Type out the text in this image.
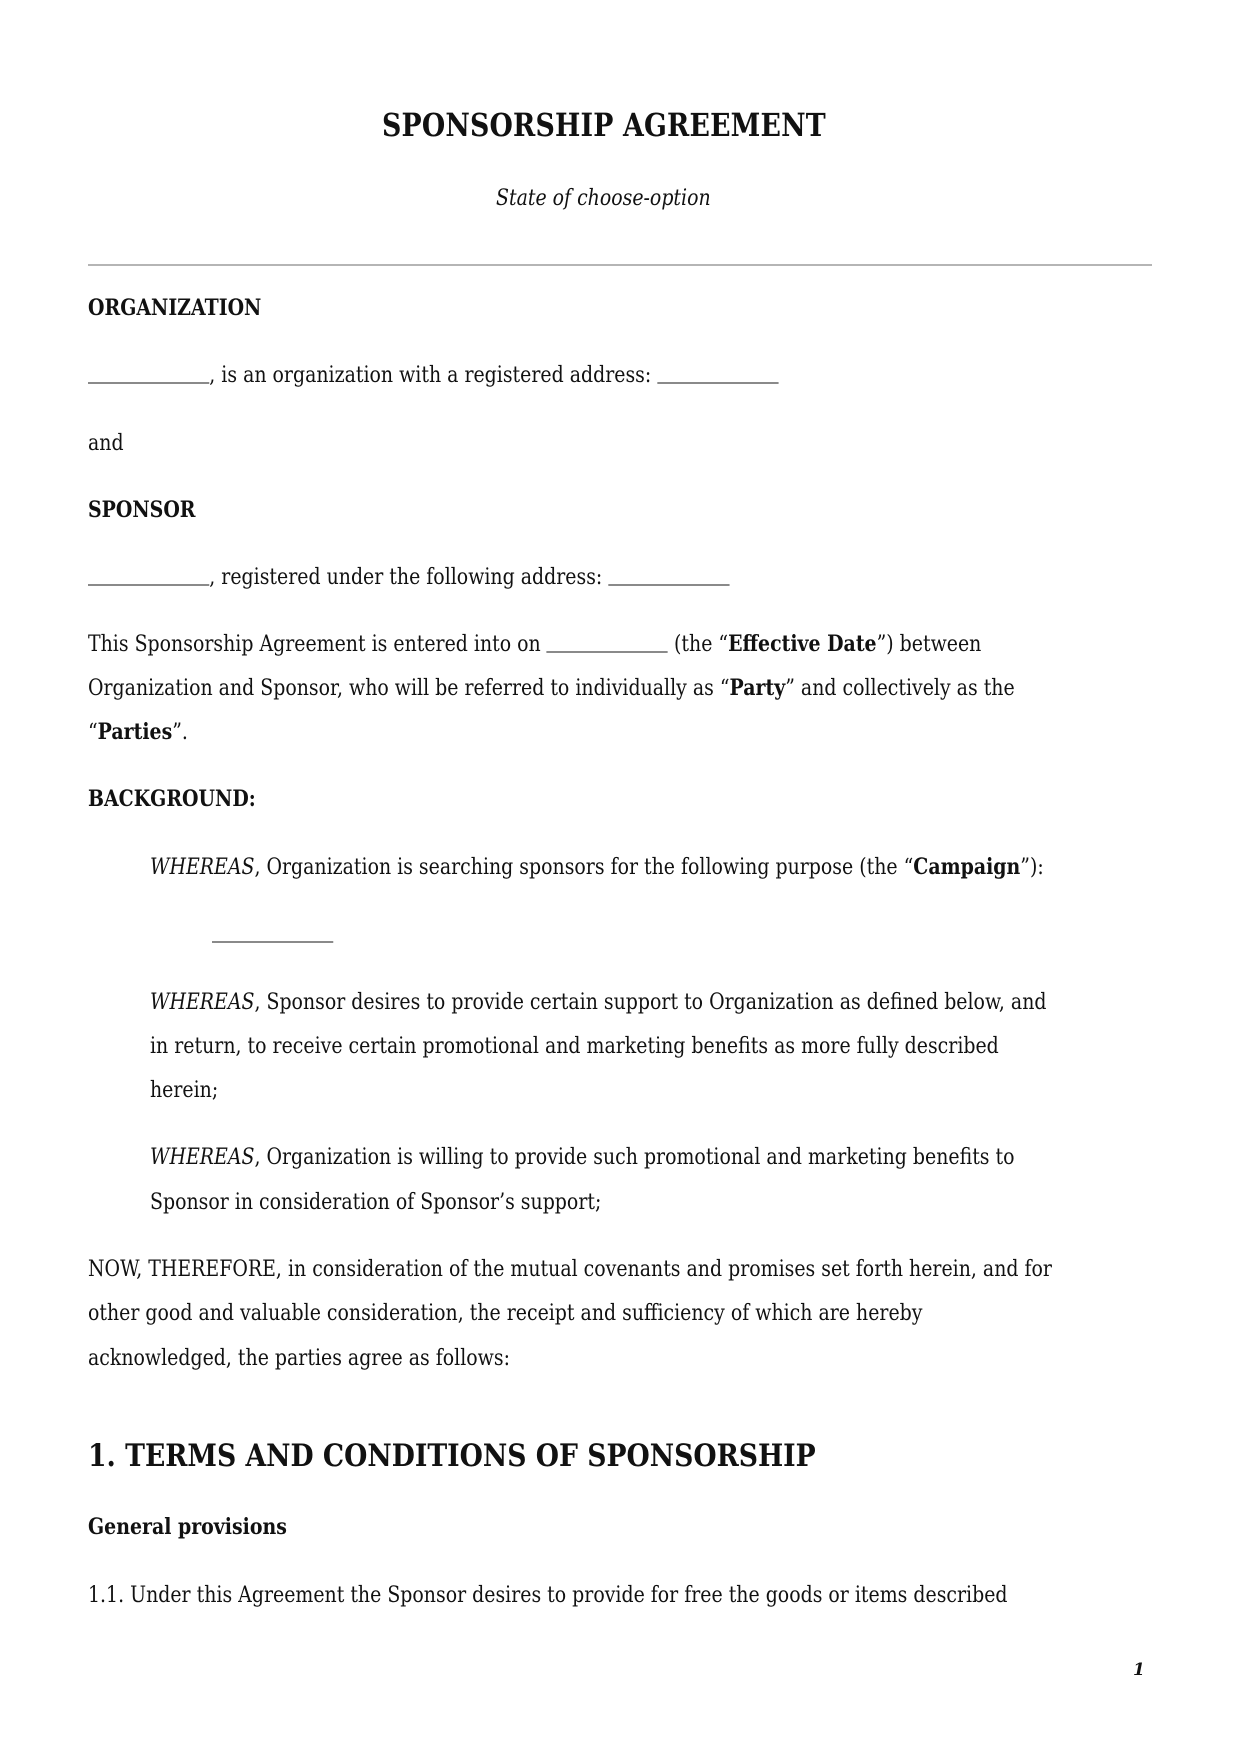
SPONSORSHIP AGREEMENT
State of choose-option
ORGANIZATION
, is an organization with a registered address:
and
SPONSOR
, registered under the following address:
This Sponsorship Agreement is entered into on	(the “Effective Date”) between
Organization and Sponsor, who will be referred to individually as “Party” and collectively as the
“Parties”.
BACKGROUND:
WHEREAS, Organization is searching sponsors for the following purpose (the “Campaign”):
WHEREAS, Sponsor desires to provide certain support to Organization as defined below, and
in return, to receive certain promotional and marketing benefits as more fully described
herein;
WHEREAS, Organization is willing to provide such promotional and marketing benefits to
Sponsor in consideration of Sponsor’s support;
NOW, THEREFORE, in consideration of the mutual covenants and promises set forth herein, and for
other good and valuable consideration, the receipt and sufficiency of which are hereby
acknowledged, the parties agree as follows:
1. TERMS AND CONDITIONS OF SPONSORSHIP
General provisions
1.1. Under this Agreement the Sponsor desires to provide for free the goods or items described
1
